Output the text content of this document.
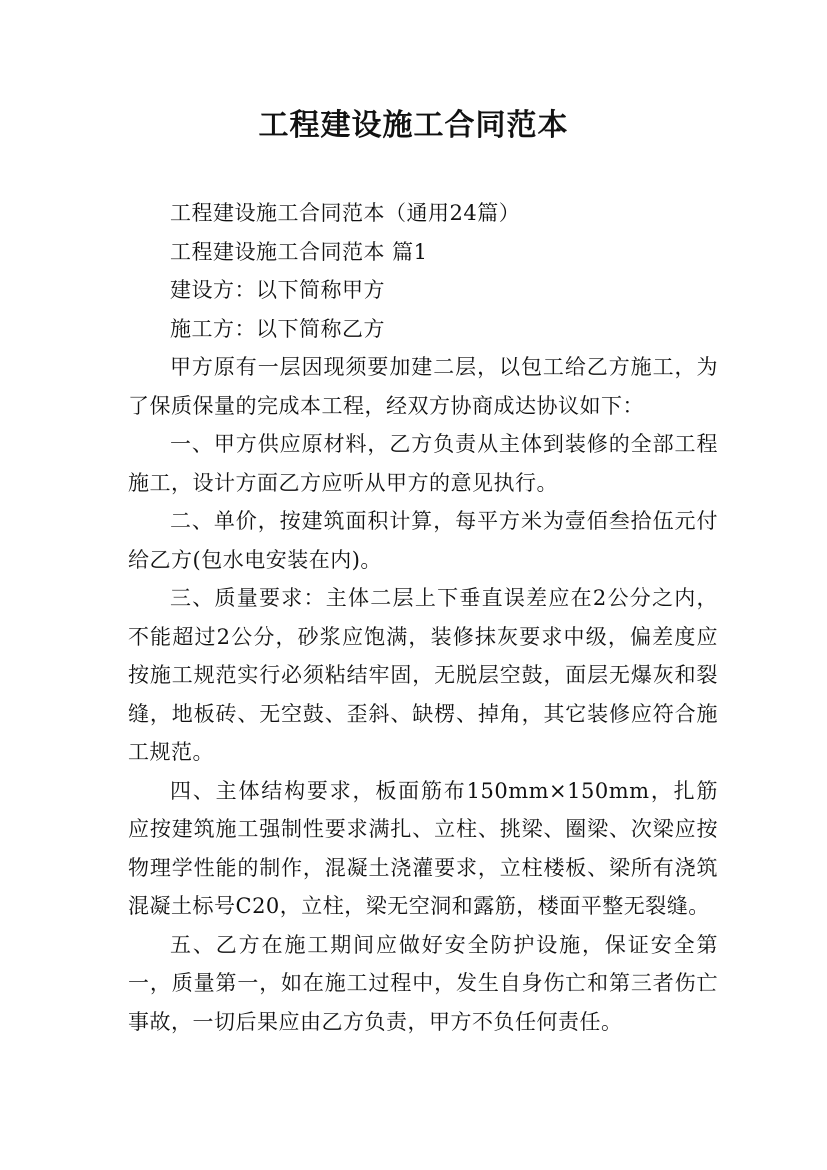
工程建设施工合同范本

工程建设施工合同范本（通用24篇）

工程建设施工合同范本 篇1

建设方：以下简称甲方

施工方：以下简称乙方

甲方原有一层因现须要加建二层，以包工给乙方施工，为了保质保量的完成本工程，经双方协商成达协议如下：

一、甲方供应原材料，乙方负责从主体到装修的全部工程施工，设计方面乙方应听从甲方的意见执行。

二、单价，按建筑面积计算，每平方米为壹佰叁拾伍元付给乙方(包水电安装在内)。

三、质量要求：主体二层上下垂直误差应在2公分之内，不能超过2公分，砂浆应饱满，装修抹灰要求中级，偏差度应按施工规范实行必须粘结牢固，无脱层空鼓，面层无爆灰和裂缝，地板砖、无空鼓、歪斜、缺楞、掉角，其它装修应符合施工规范。

四、主体结构要求，板面筋布150mm×150mm，扎筋应按建筑施工强制性要求满扎、立柱、挑梁、圈梁、次梁应按物理学性能的制作，混凝土浇灌要求，立柱楼板、梁所有浇筑混凝土标号C20，立柱，梁无空洞和露筋，楼面平整无裂缝。

五、乙方在施工期间应做好安全防护设施，保证安全第一，质量第一，如在施工过程中，发生自身伤亡和第三者伤亡事故，一切后果应由乙方负责，甲方不负任何责任。
